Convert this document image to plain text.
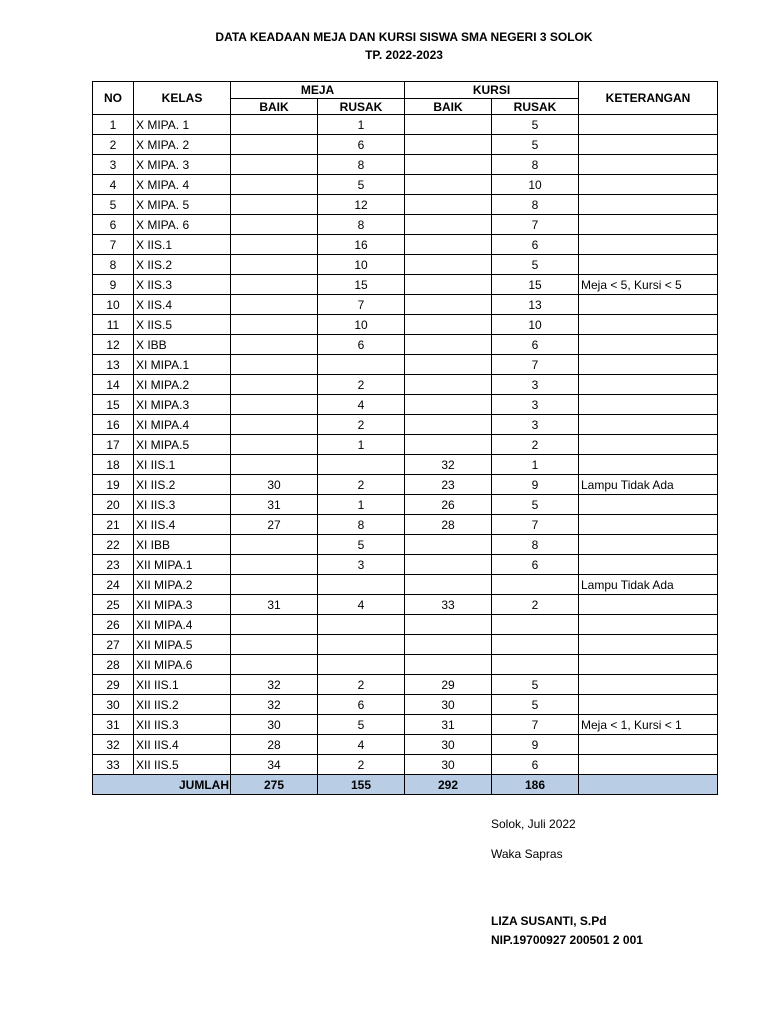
DATA KEADAAN MEJA DAN KURSI SISWA SMA NEGERI 3 SOLOK
TP. 2022-2023
NO	KELAS	MEJA		KURSI		KETERANGAN
		BAIK	RUSAK	BAIK	RUSAK	
1	X MIPA. 1		1		5	
2	X MIPA. 2		6		5	
3	X MIPA. 3		8		8	
4	X MIPA. 4		5		10	
5	X MIPA. 5		12		8	
6	X MIPA. 6		8		7	
7	X IIS.1		16		6	
8	X IIS.2		10		5	
9	X IIS.3		15		15	Meja < 5, Kursi < 5
10	X IIS.4		7		13	
11	X IIS.5		10		10	
12	X IBB		6		6	
13	XI MIPA.1				7	
14	XI MIPA.2		2		3	
15	XI MIPA.3		4		3	
16	XI MIPA.4		2		3	
17	XI MIPA.5		1		2	
18	XI IIS.1			32	1	
19	XI IIS.2	30	2	23	9	Lampu Tidak Ada
20	XI IIS.3	31	1	26	5	
21	XI IIS.4	27	8	28	7	
22	XI IBB		5		8	
23	XII MIPA.1		3		6	
24	XII MIPA.2					Lampu Tidak Ada
25	XII MIPA.3	31	4	33	2	
26	XII MIPA.4					
27	XII MIPA.5					
28	XII MIPA.6					
29	XII IIS.1	32	2	29	5	
30	XII IIS.2	32	6	30	5	
31	XII IIS.3	30	5	31	7	Meja < 1, Kursi < 1
32	XII IIS.4	28	4	30	9	
33	XII IIS.5	34	2	30	6	
JUMLAH		275	155	292	186	
Solok, Juli 2022
Waka Sapras
LIZA SUSANTI, S.Pd
NIP.19700927 200501 2 001
